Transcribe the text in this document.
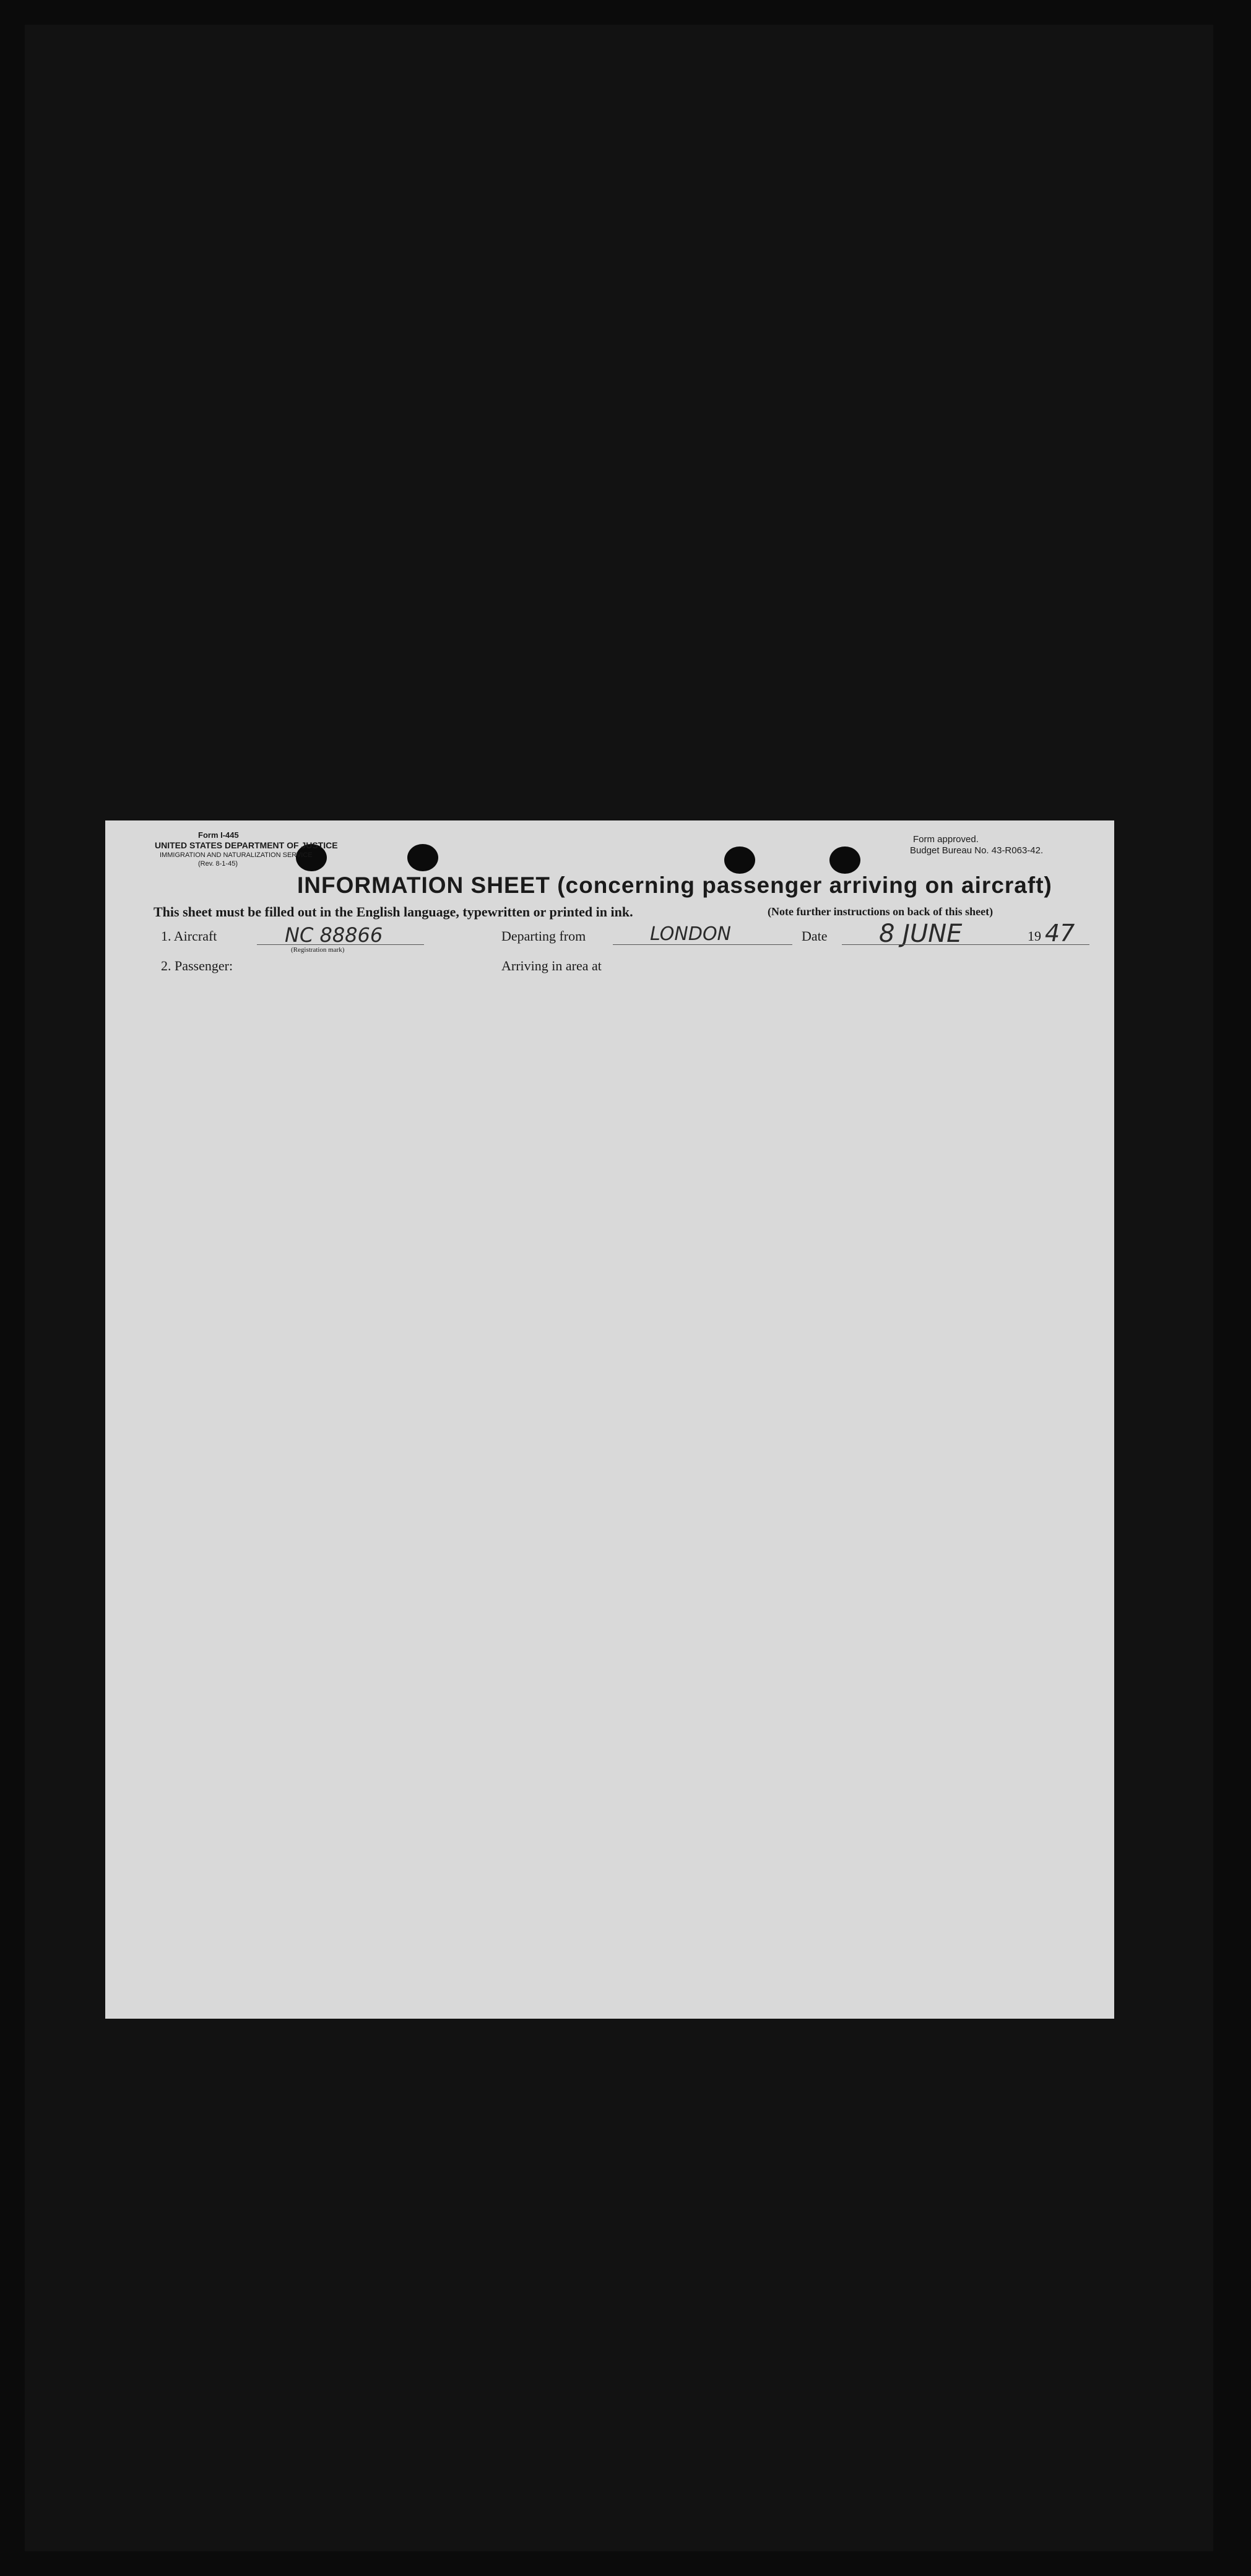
Form I-445
UNITED STATES DEPARTMENT OF JUSTICE
IMMIGRATION AND NATURALIZATION SERVICE
(Rev. 8-1-45)
Form approved.
Budget Bureau No. 43-R063-42.
INFORMATION SHEET (concerning passenger arriving on aircraft)
This sheet must be filled out in the English language, typewritten or printed in ink.	(Note further instructions on back of this sheet)
1. Aircraft	NC 88866
(Registration mark)
Departing from	LONDON	Date 8 JUNE	19 47
2. Passenger:	Arriving in area at
